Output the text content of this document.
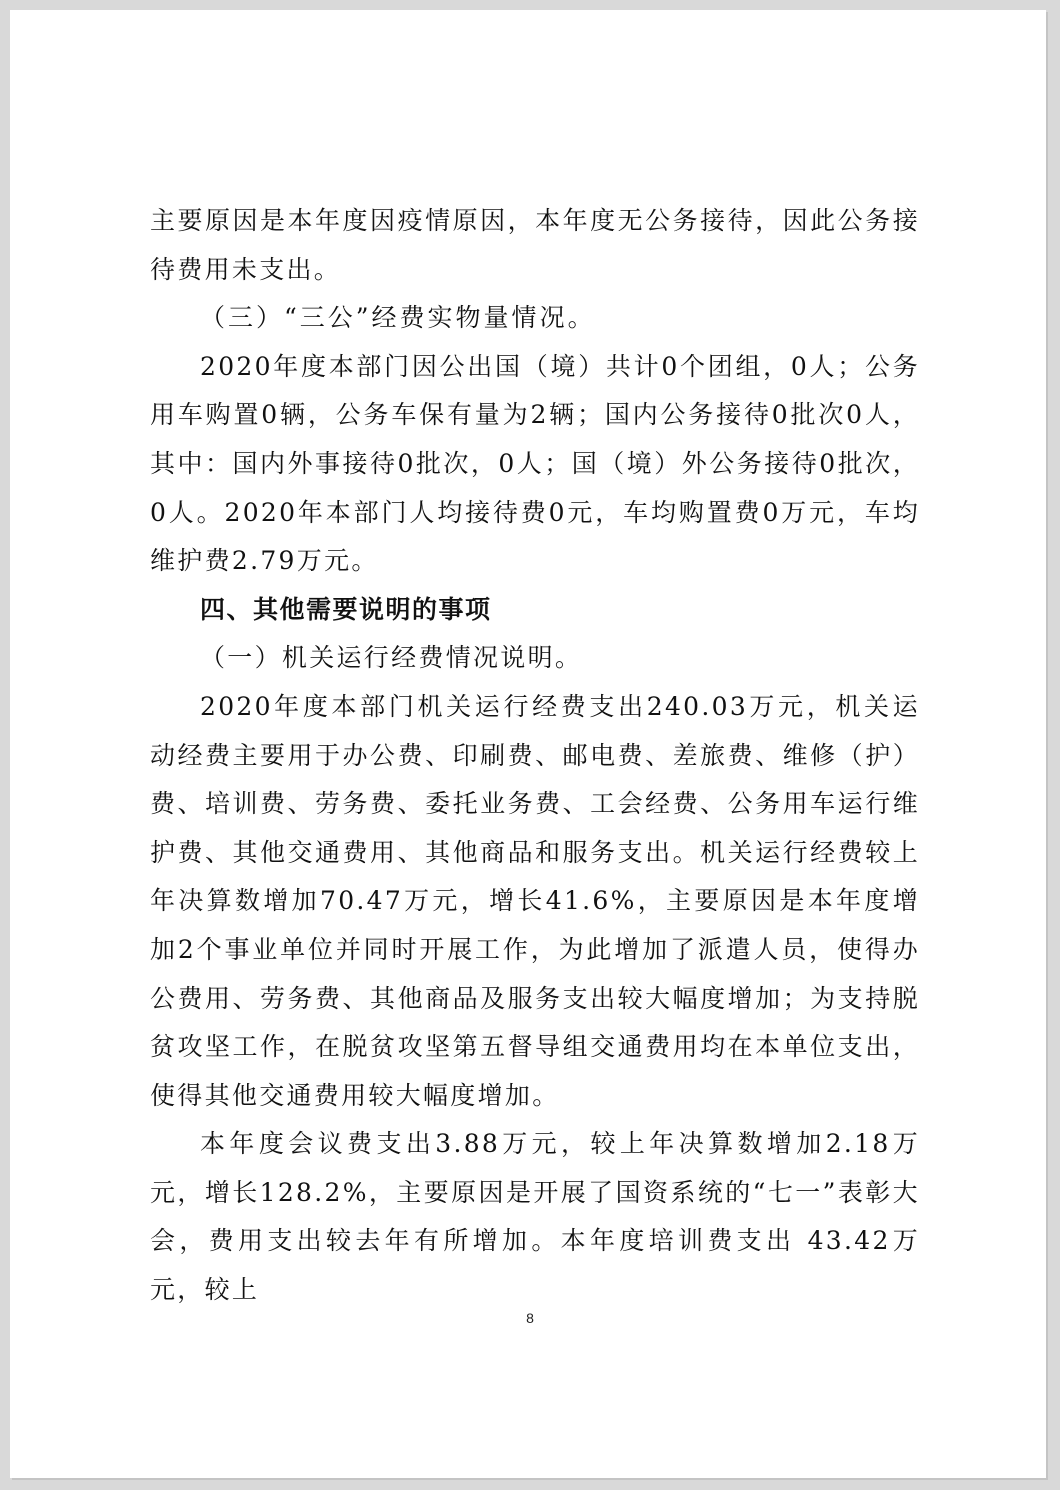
主要原因是本年度因疫情原因，本年度无公务接待，因此公务接待费用未支出。

（三）“三公”经费实物量情况。

2020年度本部门因公出国（境）共计0个团组，0人；公务用车购置0辆，公务车保有量为2辆；国内公务接待0批次0人，其中：国内外事接待0批次，0人；国（境）外公务接待0批次，0人。2020年本部门人均接待费0元，车均购置费0万元，车均维护费2.79万元。

四、其他需要说明的事项

（一）机关运行经费情况说明。

2020年度本部门机关运行经费支出240.03万元，机关运动经费主要用于办公费、印刷费、邮电费、差旅费、维修（护）费、培训费、劳务费、委托业务费、工会经费、公务用车运行维护费、其他交通费用、其他商品和服务支出。机关运行经费较上年决算数增加70.47万元，增长41.6%，主要原因是本年度增加2个事业单位并同时开展工作，为此增加了派遣人员，使得办公费用、劳务费、其他商品及服务支出较大幅度增加；为支持脱贫攻坚工作，在脱贫攻坚第五督导组交通费用均在本单位支出，使得其他交通费用较大幅度增加。

本年度会议费支出3.88万元，较上年决算数增加2.18万元，增长128.2%，主要原因是开展了国资系统的“七一”表彰大会，费用支出较去年有所增加。本年度培训费支出 43.42万元，较上

8
